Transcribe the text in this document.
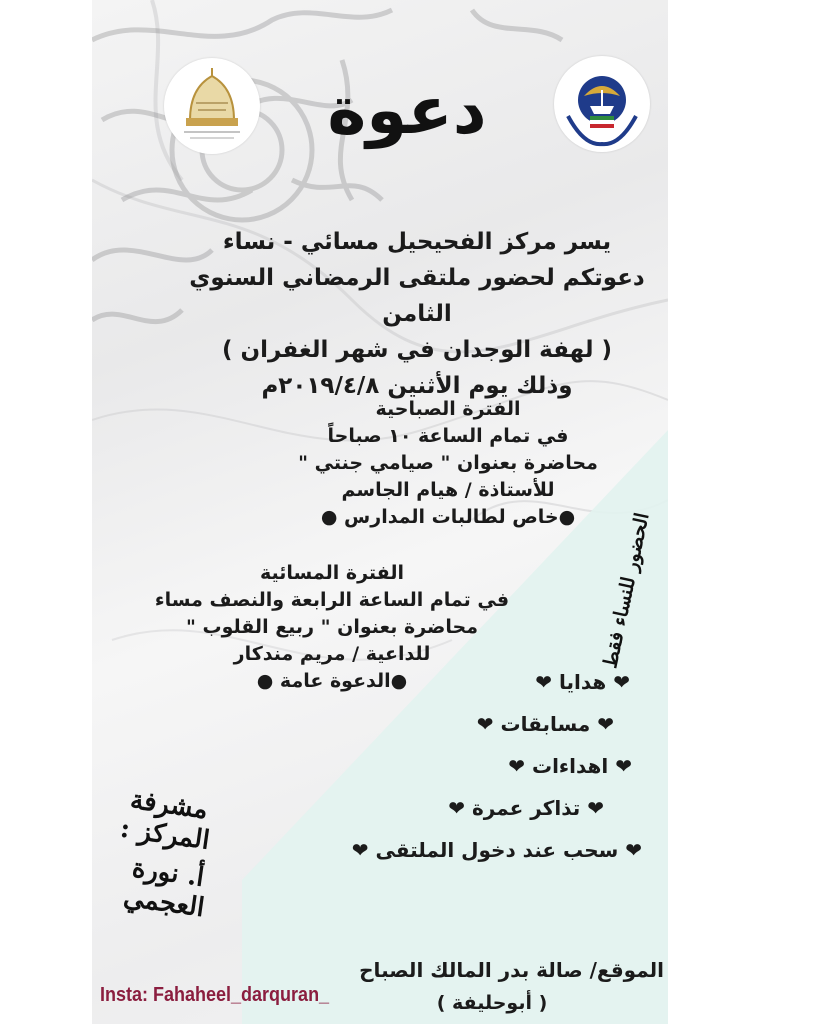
دعوة
يسر مركز الفحيحيل مسائي - نساء
دعوتكم لحضور ملتقى الرمضاني السنوي الثامن
( لهفة الوجدان في شهر الغفران )
وذلك يوم الأثنين ٢٠١٩/٤/٨م
الفترة الصباحية
في تمام الساعة ١٠ صباحاً
محاضرة بعنوان " صيامي جنتي "
للأستاذة / هيام الجاسم
●خاص لطالبات المدارس ●
الفترة المسائية
في تمام الساعة الرابعة والنصف مساء
محاضرة بعنوان " ربيع القلوب "
للداعية / مريم مندكار
●الدعوة عامة ●
الحضور للنساء فقط
❤ هدايا ❤
❤ مسابقات ❤
❤ اهداءات ❤
❤ تذاكر عمرة ❤
❤ سحب عند دخول الملتقى ❤
مشرفة المركز :
أ. نورة العجمي
الموقع/ صالة بدر المالك الصباح
( أبوحليفة )
Insta: Fahaheel_darquran_
